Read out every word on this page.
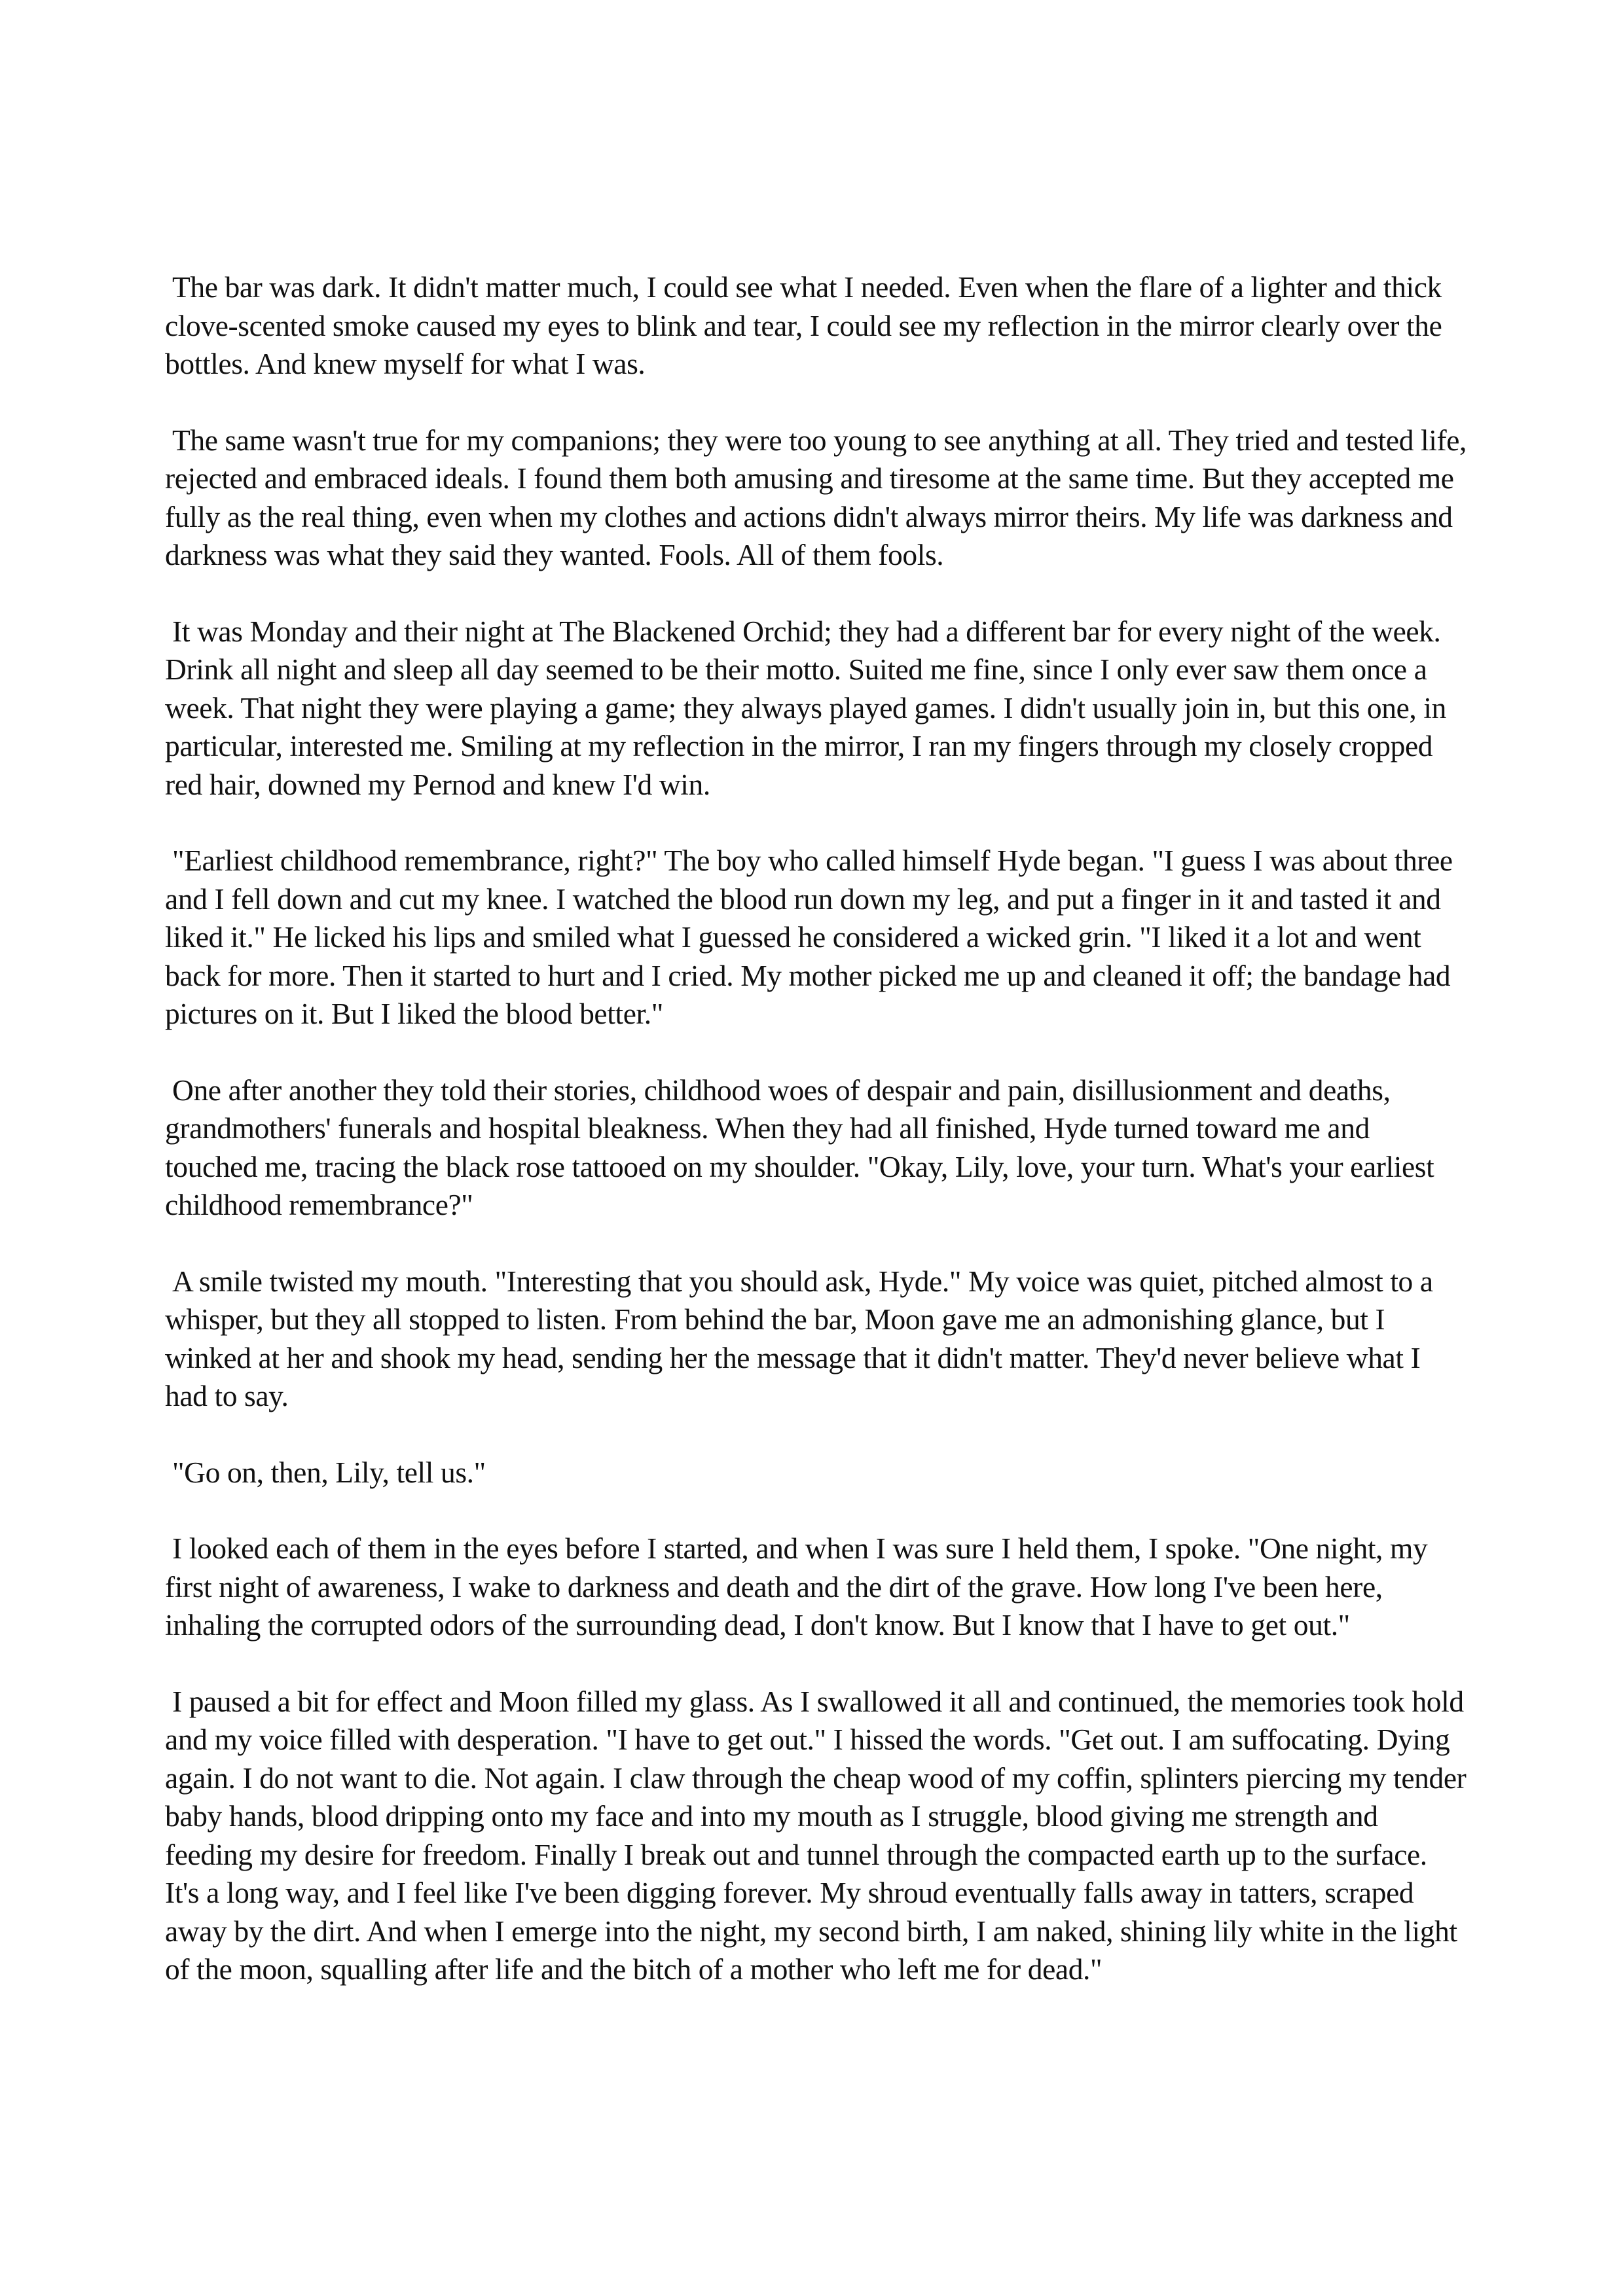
The bar was dark. It didn't matter much, I could see what I needed. Even when the flare of a lighter and thick clove-scented smoke caused my eyes to blink and tear, I could see my reflection in the mirror clearly over the bottles. And knew myself for what I was.

The same wasn't true for my companions; they were too young to see anything at all. They tried and tested life, rejected and embraced ideals. I found them both amusing and tiresome at the same time. But they accepted me fully as the real thing, even when my clothes and actions didn't always mirror theirs. My life was darkness and darkness was what they said they wanted. Fools. All of them fools.

It was Monday and their night at The Blackened Orchid; they had a different bar for every night of the week. Drink all night and sleep all day seemed to be their motto. Suited me fine, since I only ever saw them once a week. That night they were playing a game; they always played games. I didn't usually join in, but this one, in particular, interested me. Smiling at my reflection in the mirror, I ran my fingers through my closely cropped red hair, downed my Pernod and knew I'd win.

"Earliest childhood remembrance, right?" The boy who called himself Hyde began. "I guess I was about three and I fell down and cut my knee. I watched the blood run down my leg, and put a finger in it and tasted it and liked it." He licked his lips and smiled what I guessed he considered a wicked grin. "I liked it a lot and went back for more. Then it started to hurt and I cried. My mother picked me up and cleaned it off; the bandage had pictures on it. But I liked the blood better."

One after another they told their stories, childhood woes of despair and pain, disillusionment and deaths, grandmothers' funerals and hospital bleakness. When they had all finished, Hyde turned toward me and touched me, tracing the black rose tattooed on my shoulder. "Okay, Lily, love, your turn. What's your earliest childhood remembrance?"

A smile twisted my mouth. "Interesting that you should ask, Hyde." My voice was quiet, pitched almost to a whisper, but they all stopped to listen. From behind the bar, Moon gave me an admonishing glance, but I winked at her and shook my head, sending her the message that it didn't matter. They'd never believe what I had to say.

"Go on, then, Lily, tell us."

I looked each of them in the eyes before I started, and when I was sure I held them, I spoke. "One night, my first night of awareness, I wake to darkness and death and the dirt of the grave. How long I've been here, inhaling the corrupted odors of the surrounding dead, I don't know. But I know that I have to get out."

I paused a bit for effect and Moon filled my glass. As I swallowed it all and continued, the memories took hold and my voice filled with desperation. "I have to get out." I hissed the words. "Get out. I am suffocating. Dying again. I do not want to die. Not again. I claw through the cheap wood of my coffin, splinters piercing my tender baby hands, blood dripping onto my face and into my mouth as I struggle, blood giving me strength and feeding my desire for freedom. Finally I break out and tunnel through the compacted earth up to the surface. It's a long way, and I feel like I've been digging forever. My shroud eventually falls away in tatters, scraped away by the dirt. And when I emerge into the night, my second birth, I am naked, shining lily white in the light of the moon, squalling after life and the bitch of a mother who left me for dead."
